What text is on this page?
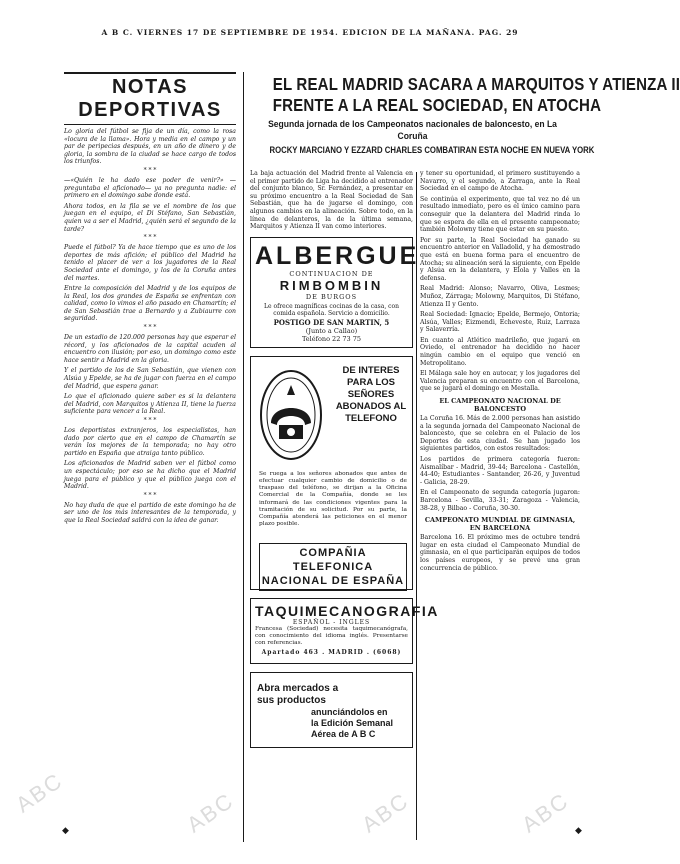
A B C. VIERNES 17 DE SEPTIEMBRE DE 1954. EDICION DE LA MAÑANA. PAG. 29
ABC	ABC	ABC	ABC
NOTAS DEPORTIVAS

Lo gloria del fútbol se fija de un día, como la rosa «locura de la llama». Hora y media en el campo y un par de peripecias después, en un año de dinero y de gloria, la sombra de la ciudad se hace cargo de todos los triunfos.

* * *

—«Quién le ha dado ese poder de venir?» —preguntaba el aficionado— ya no pregunta nadie: el primero en el domingo sabe donde está.

Ahora todos, en la fila se ve el nombre de los que juegan en el equipo, el Di Stéfano, San Sebastián, quien va a ser el Madrid, ¿quién será el segundo de la tarde?

* * *

Puede el fútbol? Ya de hace tiempo que es uno de los deportes de más afición; el público del Madrid ha tenido el placer de ver a los jugadores de la Real Sociedad ante el domingo, y los de la Coruña antes del martes.

Entre la composición del Madrid y de los equipos de la Real, los dos grandes de España se enfrentan con calidad, como lo vimos el año pasado en Chamartín; el de San Sebastián trae a Bernardo y a Zubiaurre con seguridad.

* * *

De un estadio de 120.000 personas hay que esperar el récord, y los aficionados de la capital acuden al encuentro con ilusión; por eso, un domingo como este hace sentir a Madrid en la gloria.

Y el partido de los de San Sebastián, que vienen con Alsúa y Epelde, se ha de jugar con fuerza en el campo del Madrid, que espera ganar.

Lo que el aficionado quiere saber es si la delantera del Madrid, con Marquitos y Atienza II, tiene la fuerza suficiente para vencer a la Real.

* * *

Los deportistas extranjeros, los especialistas, han dado por cierto que en el campo de Chamartín se verán los mejores de la temporada; no hay otro partido en España que atraiga tanto público.

Los aficionados de Madrid saben ver el fútbol como un espectáculo; por eso se ha dicho que el Madrid juega para el público y que el público juega con el Madrid.

* * *

No hay duda de que el partido de este domingo ha de ser uno de los más interesantes de la temporada, y que la Real Sociedad saldrá con la idea de ganar.

EL REAL MADRID SACARA A MARQUITOS Y ATIENZA II
FRENTE A LA REAL SOCIEDAD, EN ATOCHA
Segunda jornada de los Campeonatos nacionales de baloncesto, en La Coruña
ROCKY MARCIANO Y EZZARD CHARLES COMBATIRAN ESTA NOCHE EN NUEVA YORK

La baja actuación del Madrid frente al Valencia en el primer partido de Liga ha decidido al entrenador del conjunto blanco, Sr. Fernández, a presentar en su próximo encuentro a la Real Sociedad de San Sebastián, que ha de jugarse el domingo, con algunos cambios en la alineación. Sobre todo, en la línea de delanteros, la de la última semana, Marquitos y Atienza II van como interiores.

ALBERGUE
CONTINUACION DE
RIMBOMBIN
DE BURGOS
Le ofrece magníficas cocinas de la casa, con comida española. Servicio a domicilio.
POSTIGO DE SAN MARTIN, 5
(Junto a Callao)
Teléfono 22 73 75
DE INTERES PARA LOS SEÑORES ABONADOS AL TELEFONO
Se ruega a los señores abonados que antes de efectuar cualquier cambio de domicilio o de traspaso del teléfono, se dirijan a la Oficina Comercial de la Compañía, donde se les informará de las condiciones vigentes para la tramitación de su solicitud. Por su parte, la Compañía atenderá las peticiones en el menor plazo posible.
COMPAÑIA TELEFONICA
NACIONAL DE ESPAÑA
TAQUIMECANOGRAFIA
ESPAÑOL - INGLES
Francesa (Sociedad) necesita taquimecanógrafa, con conocimiento del idioma inglés. Presentarse con referencias.
Apartado 463 . MADRID . (6068)
Abra mercados a
sus productos
anunciándolos en
la Edición Semanal
Aérea de A B C

y tener su oportunidad, el primero sustituyendo a Navarro, y el segundo, a Zarraga, ante la Real Sociedad en el campo de Atocha.

Se continúa el experimento, que tal vez no dé un resultado inmediato, pero es el único camino para conseguir que la delantera del Madrid rinda lo que se espera de ella en el presente campeonato; también Molowny tiene que estar en su puesto.

Por su parte, la Real Sociedad ha ganado su encuentro anterior en Valladolid, y ha demostrado que está en buena forma para el encuentro de Atocha; su alineación será la siguiente, con Epelde y Alsúa en la delantera, y Elola y Valles en la defensa.

Real Madrid: Alonso; Navarro, Oliva, Lesmes; Muñoz, Zárraga; Molowny, Marquitos, Di Stéfano, Atienza II y Gento.

Real Sociedad: Ignacio; Epelde, Bermejo, Ontoria; Alsúa, Valles; Eizmendi, Echeveste, Ruiz, Larraza y Salaverría.

En cuanto al Atlético madrileño, que jugará en Oviedo, el entrenador ha decidido no hacer ningún cambio en el equipo que venció en Metropolitano.

El Málaga sale hoy en autocar, y los jugadores del Valencia preparan su encuentro con el Barcelona, que se jugará el domingo en Mestalla.

EL CAMPEONATO NACIONAL DE BALONCESTO

La Coruña 16. Más de 2.000 personas han asistido a la segunda jornada del Campeonato Nacional de baloncesto, que se celebra en el Palacio de los Deportes de esta ciudad. Se han jugado los siguientes partidos, con estos resultados:

Los partidos de primera categoría fueron: Aismalíbar - Madrid, 39-44; Barcelona - Castellón, 44-40; Estudiantes - Santander, 26-26, y Juventud - Galicia, 28-29.

En el Campeonato de segunda categoría jugaron: Barcelona - Sevilla, 33-31; Zaragoza - Valencia, 38-28, y Bilbao - Coruña, 30-30.

CAMPEONATO MUNDIAL DE GIMNASIA, EN BARCELONA

Barcelona 16. El próximo mes de octubre tendrá lugar en esta ciudad el Campeonato Mundial de gimnasia, en el que participarán equipos de todos los países europeos, y se prevé una gran concurrencia de público.

◆	◆
